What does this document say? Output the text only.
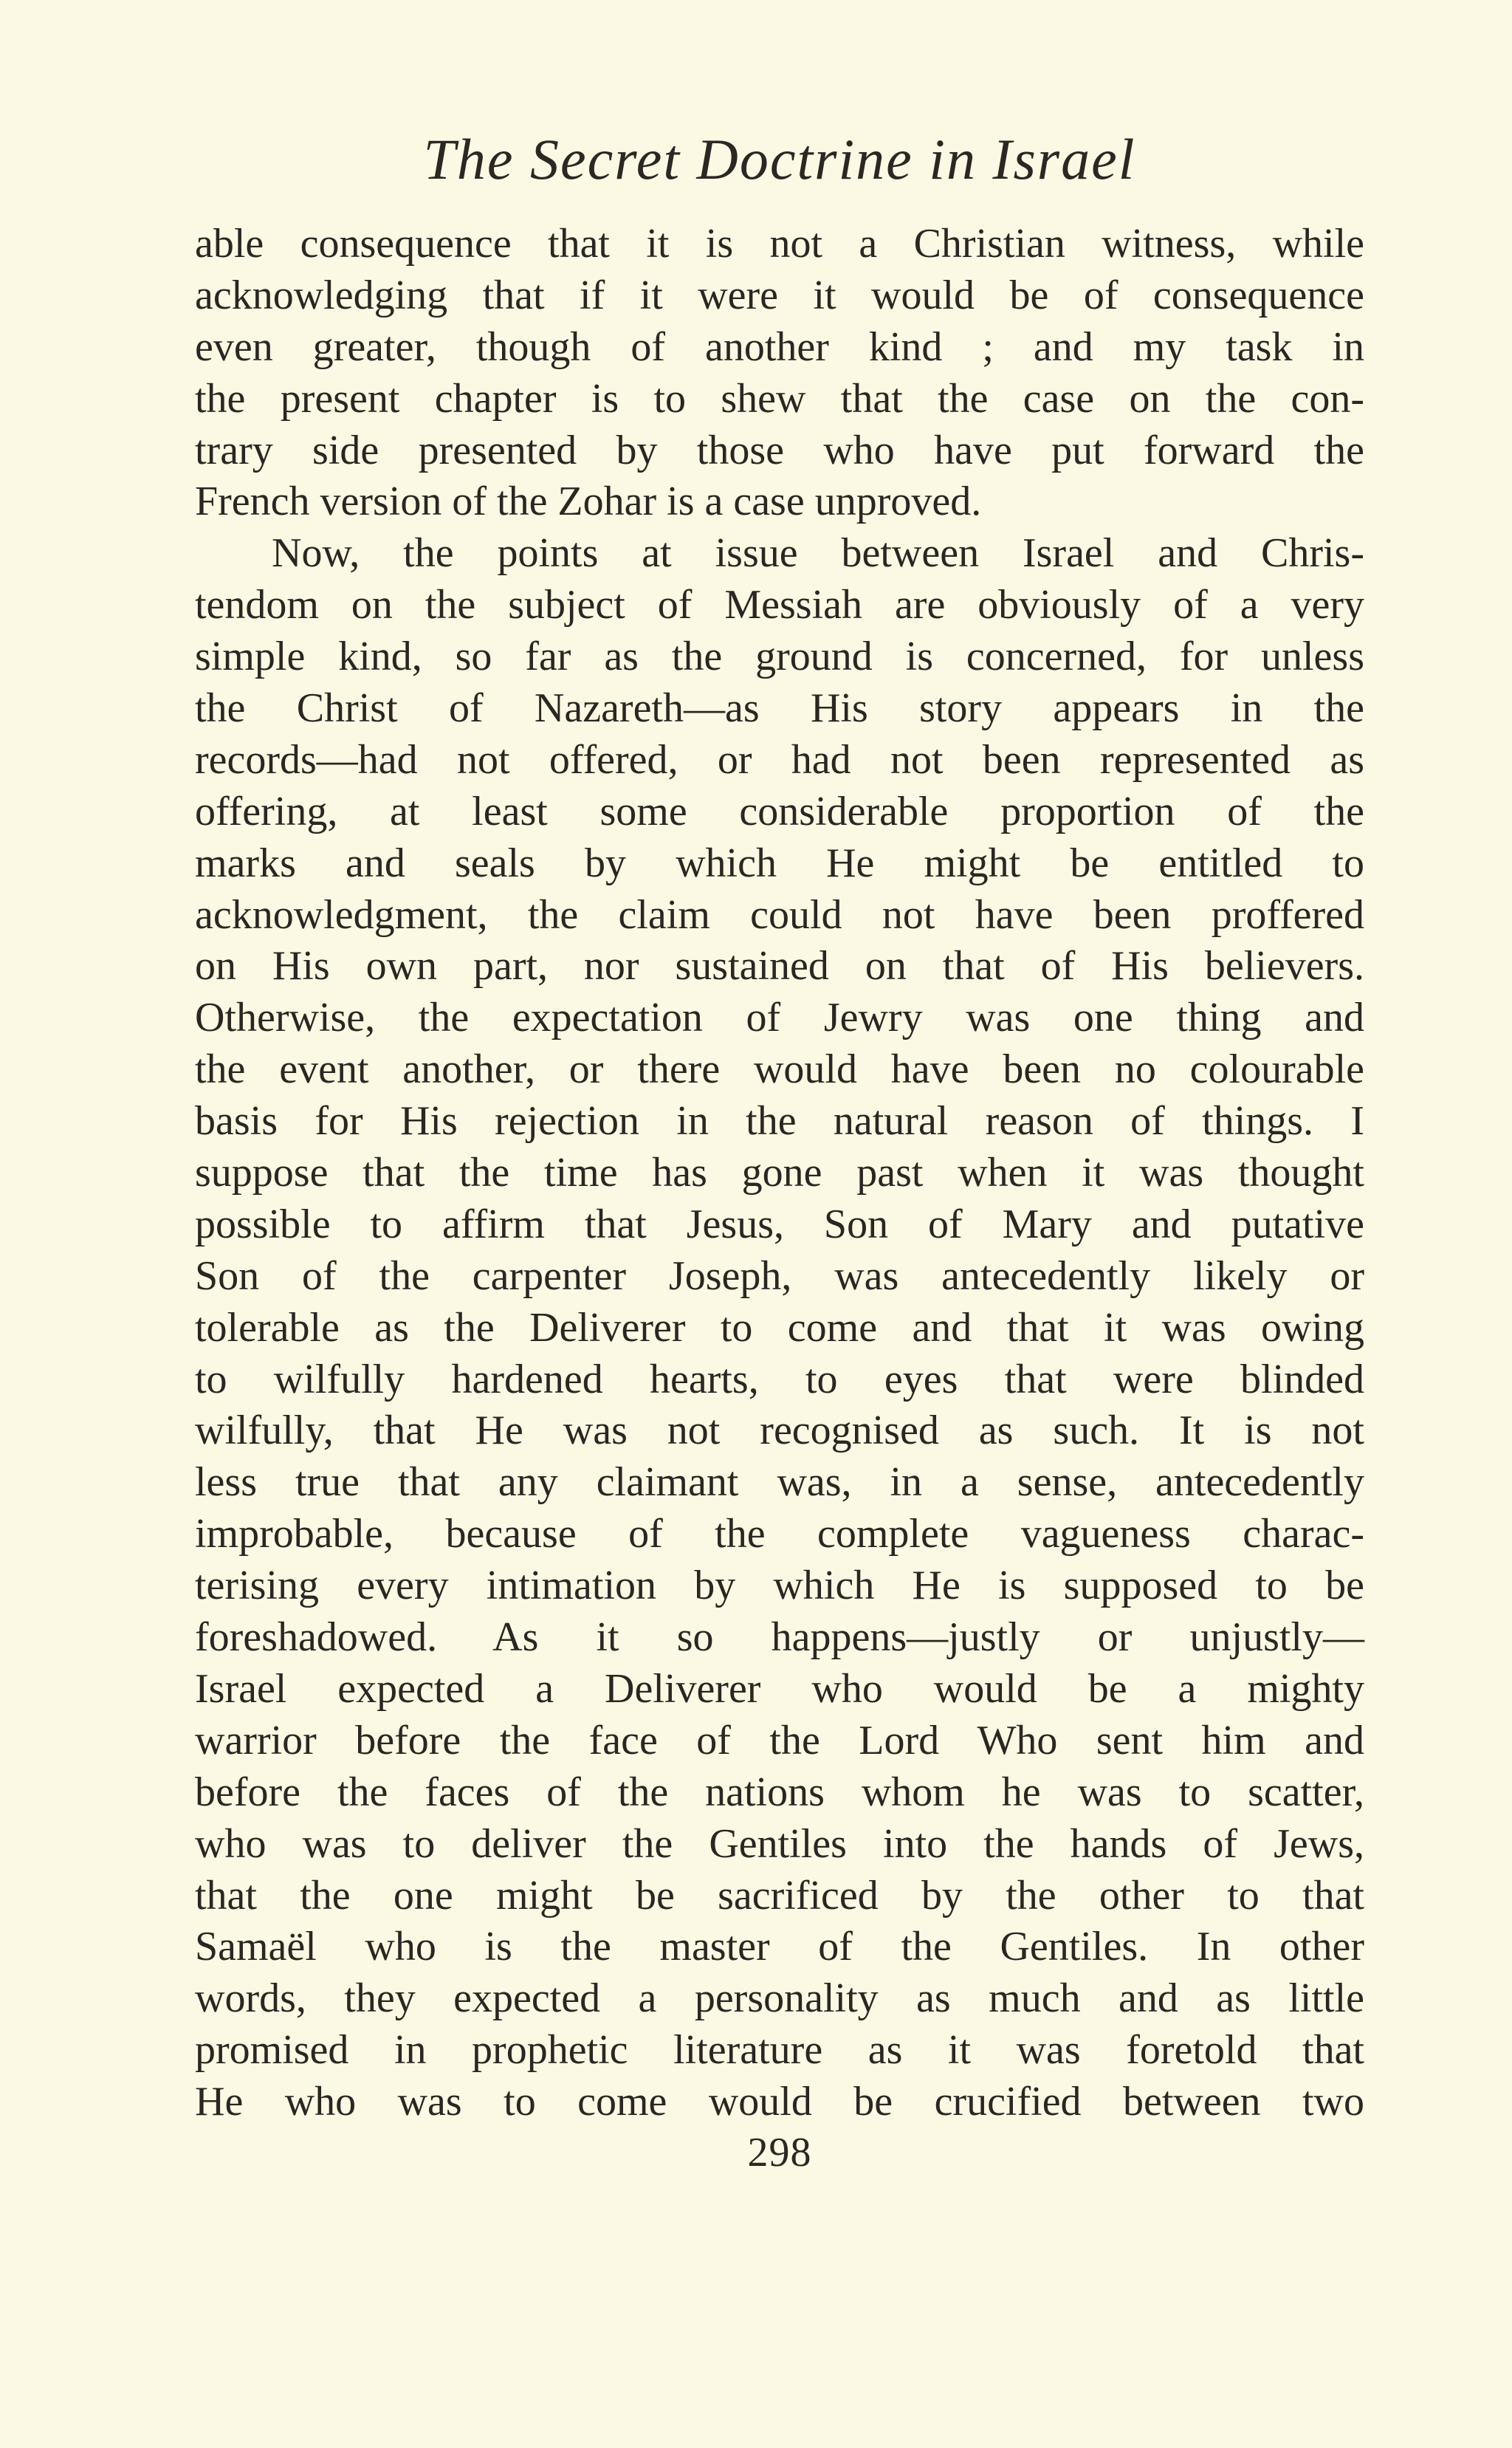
The Secret Doctrine in Israel
able consequence that it is not a Christian witness, while
acknowledging that if it were it would be of consequence
even greater, though of another kind ; and my task in
the present chapter is to shew that the case on the con-
trary side presented by those who have put forward the
French version of the Zohar is a case unproved.
Now, the points at issue between Israel and Chris-
tendom on the subject of Messiah are obviously of a very
simple kind, so far as the ground is concerned, for unless
the Christ of Nazareth—as His story appears in the
records—had not offered, or had not been represented as
offering, at least some considerable proportion of the
marks and seals by which He might be entitled to
acknowledgment, the claim could not have been proffered
on His own part, nor sustained on that of His believers.
Otherwise, the expectation of Jewry was one thing and
the event another, or there would have been no colourable
basis for His rejection in the natural reason of things. I
suppose that the time has gone past when it was thought
possible to affirm that Jesus, Son of Mary and putative
Son of the carpenter Joseph, was antecedently likely or
tolerable as the Deliverer to come and that it was owing
to wilfully hardened hearts, to eyes that were blinded
wilfully, that He was not recognised as such. It is not
less true that any claimant was, in a sense, antecedently
improbable, because of the complete vagueness charac-
terising every intimation by which He is supposed to be
foreshadowed. As it so happens—justly or unjustly—
Israel expected a Deliverer who would be a mighty
warrior before the face of the Lord Who sent him and
before the faces of the nations whom he was to scatter,
who was to deliver the Gentiles into the hands of Jews,
that the one might be sacrificed by the other to that
Samaël who is the master of the Gentiles. In other
words, they expected a personality as much and as little
promised in prophetic literature as it was foretold that
He who was to come would be crucified between two
298
